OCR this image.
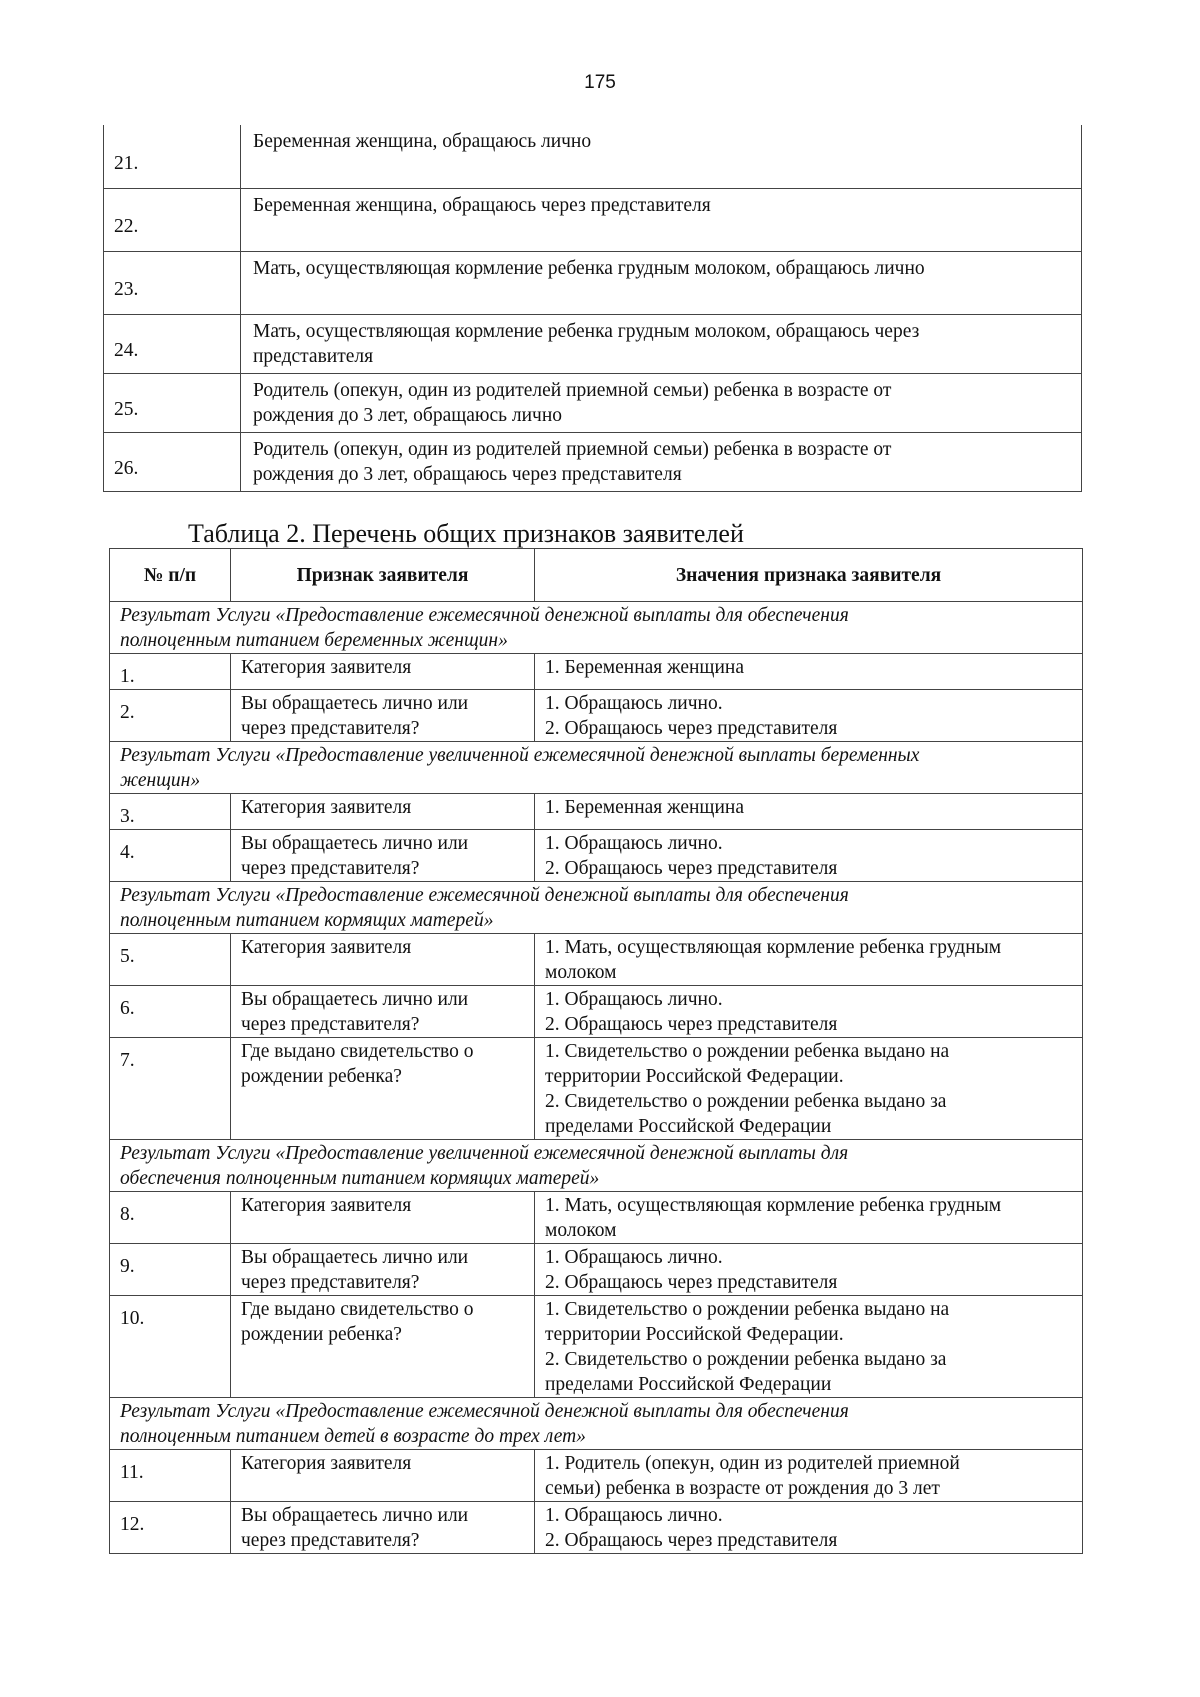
175
21.	Беременная женщина, обращаюсь лично

22.	Беременная женщина, обращаюсь через представителя

23.	Мать, осуществляющая кормление ребенка грудным молоком, обращаюсь лично

24.	Мать, осуществляющая кормление ребенка грудным молоком, обращаюсь через
представителя

25.	Родитель (опекун, один из родителей приемной семьи) ребенка в возрасте от
рождения до 3 лет, обращаюсь лично

26.	Родитель (опекун, один из родителей приемной семьи) ребенка в возрасте от
рождения до 3 лет, обращаюсь через представителя
Таблица 2. Перечень общих признаков заявителей
№ п/п	Признак заявителя	Значения признака заявителя

Результат Услуги «Предоставление ежемесячной денежной выплаты для обеспечения
полноценным питанием беременных женщин»		

1.	Категория заявителя	1. Беременная женщина

2.	Вы обращаетесь лично или
через представителя?	1. Обращаюсь лично.
2. Обращаюсь через представителя

Результат Услуги «Предоставление увеличенной ежемесячной денежной выплаты беременных
женщин»		

3.	Категория заявителя	1. Беременная женщина

4.	Вы обращаетесь лично или
через представителя?	1. Обращаюсь лично.
2. Обращаюсь через представителя

Результат Услуги «Предоставление ежемесячной денежной выплаты для обеспечения
полноценным питанием кормящих матерей»		

5.	Категория заявителя	1. Мать, осуществляющая кормление ребенка грудным
молоком

6.	Вы обращаетесь лично или
через представителя?	1. Обращаюсь лично.
2. Обращаюсь через представителя

7.	Где выдано свидетельство о
рождении ребенка?	1. Свидетельство о рождении ребенка выдано на
территории Российской Федерации.
2. Свидетельство о рождении ребенка выдано за
пределами Российской Федерации

Результат Услуги «Предоставление увеличенной ежемесячной денежной выплаты для
обеспечения полноценным питанием кормящих матерей»		

8.	Категория заявителя	1. Мать, осуществляющая кормление ребенка грудным
молоком

9.	Вы обращаетесь лично или
через представителя?	1. Обращаюсь лично.
2. Обращаюсь через представителя

10.	Где выдано свидетельство о
рождении ребенка?	1. Свидетельство о рождении ребенка выдано на
территории Российской Федерации.
2. Свидетельство о рождении ребенка выдано за
пределами Российской Федерации

Результат Услуги «Предоставление ежемесячной денежной выплаты для обеспечения
полноценным питанием детей в возрасте до трех лет»		

11.	Категория заявителя	1. Родитель (опекун, один из родителей приемной
семьи) ребенка в возрасте от рождения до 3 лет

12.	Вы обращаетесь лично или
через представителя?	1. Обращаюсь лично.
2. Обращаюсь через представителя
